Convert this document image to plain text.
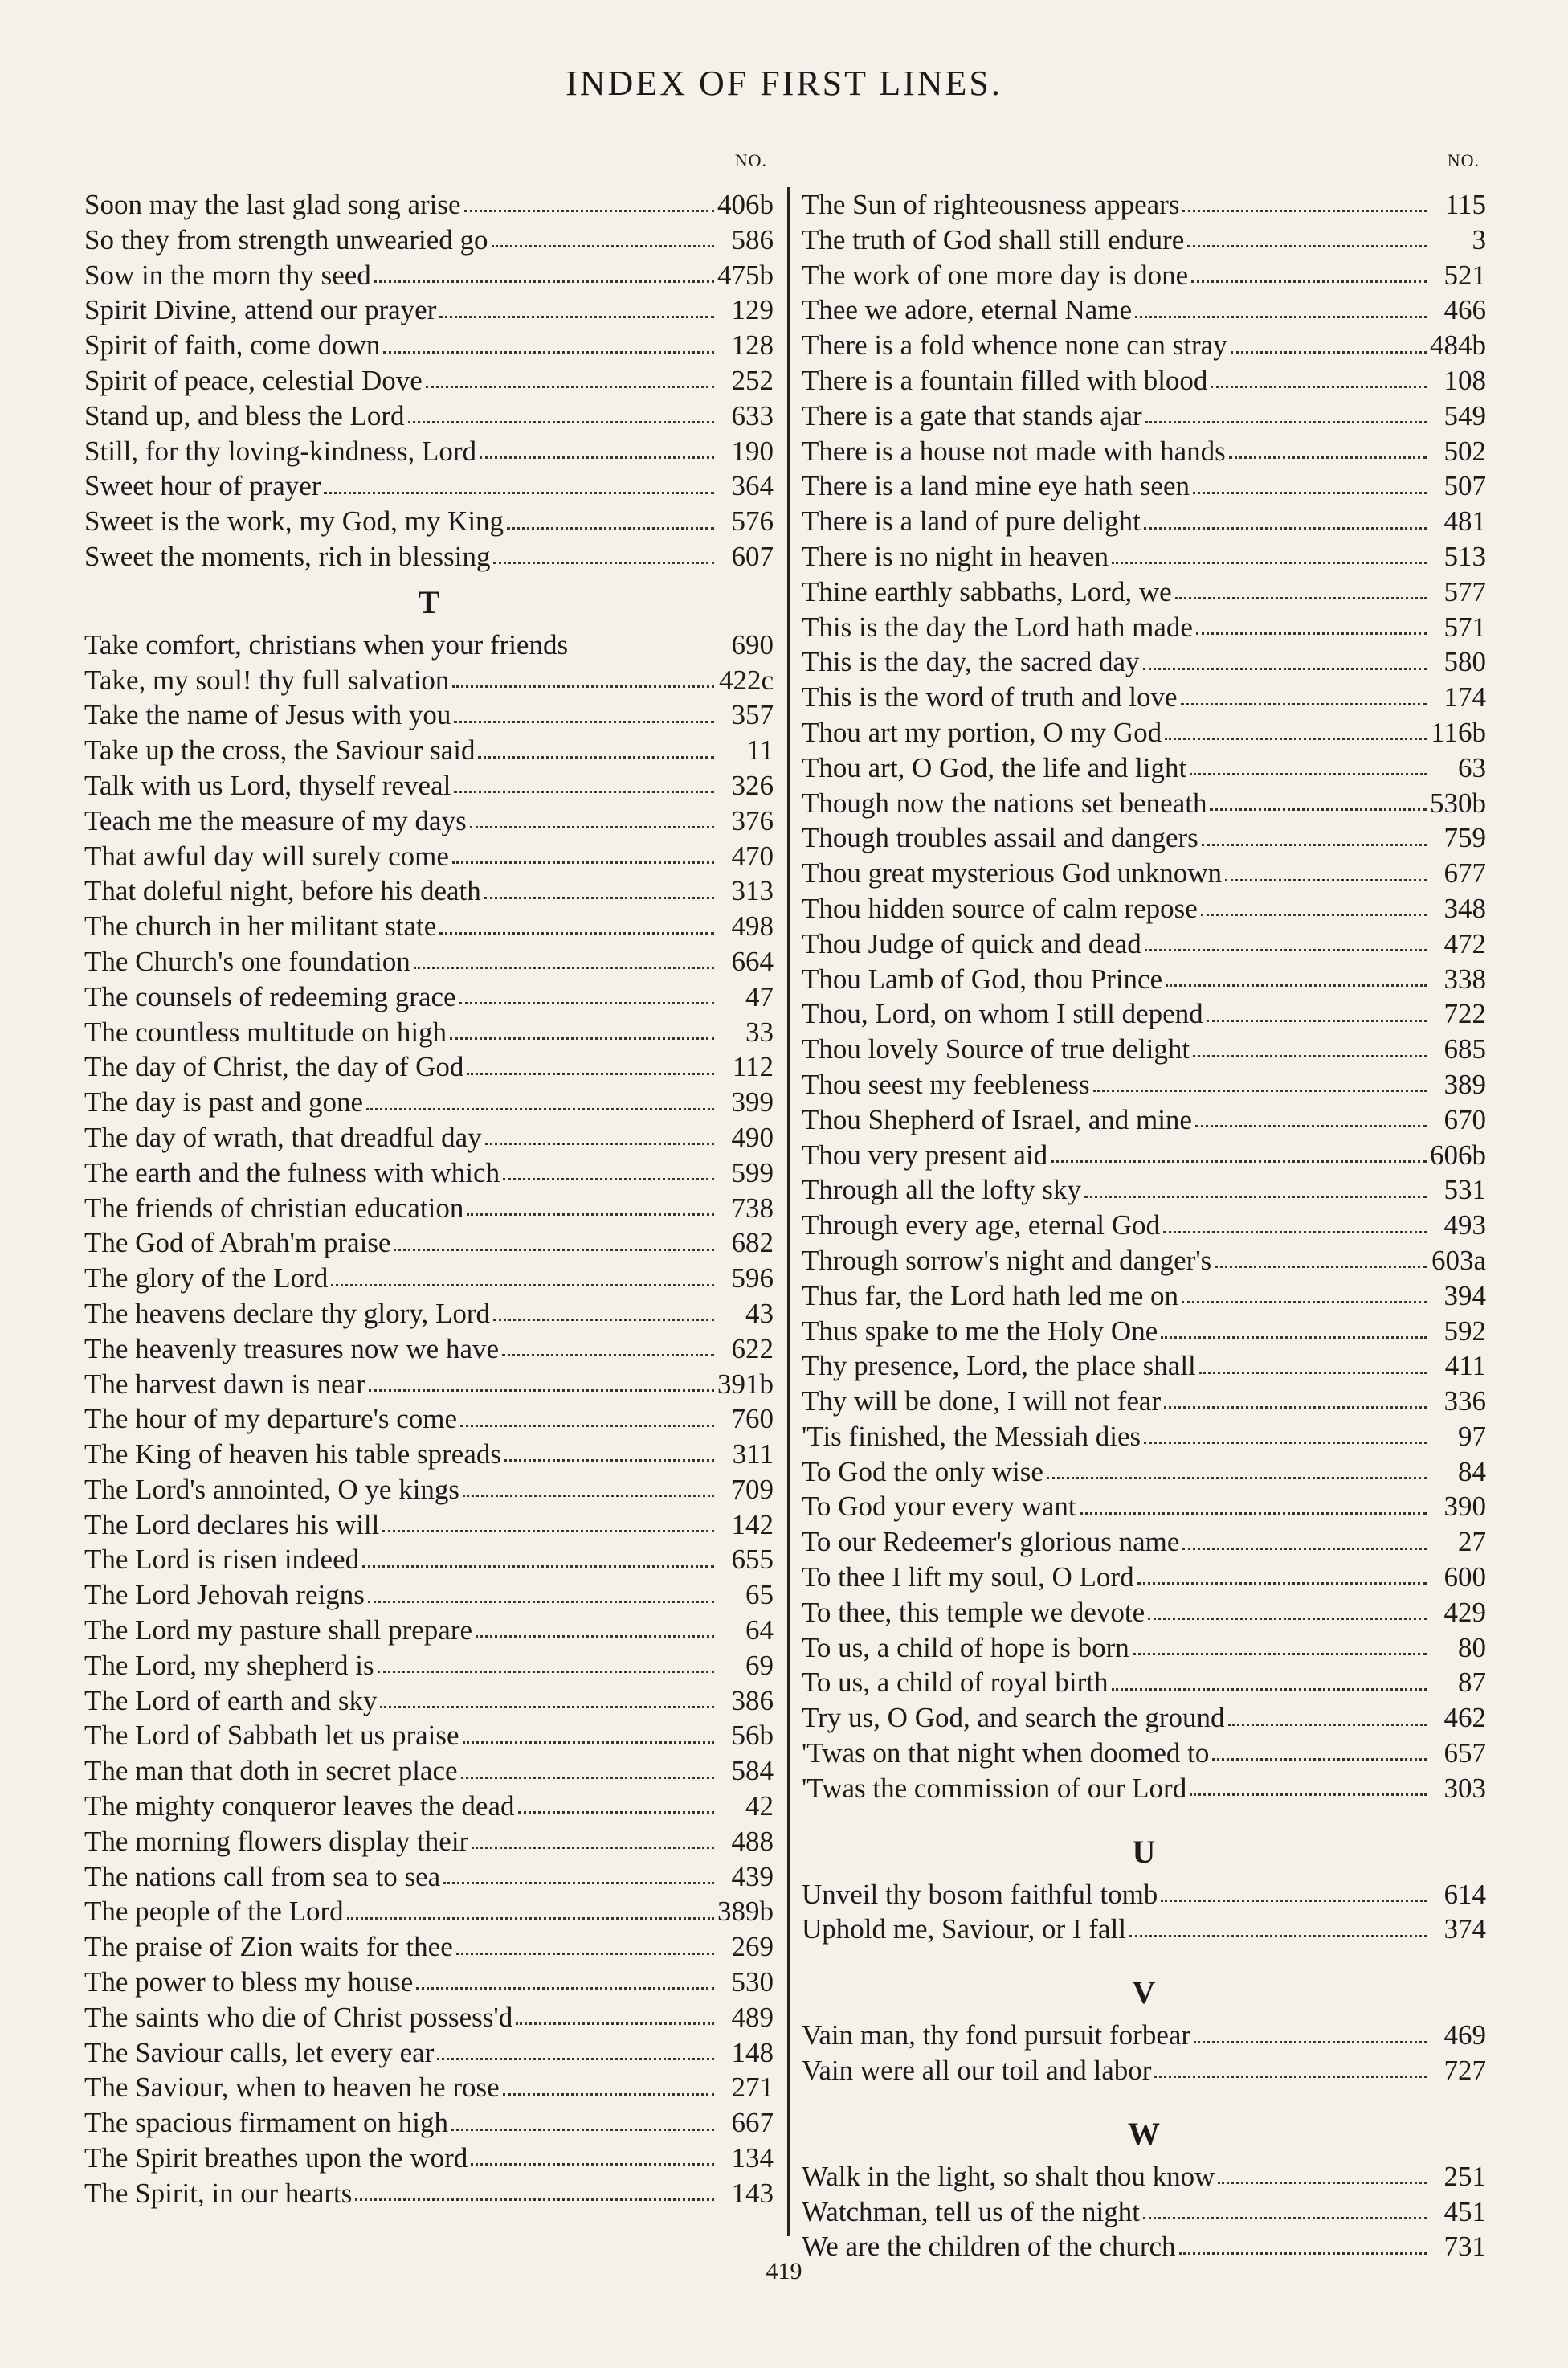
INDEX OF FIRST LINES.
NO.
Soon may the last glad song arise	406b
So they from strength unwearied go	586
Sow in the morn thy seed	475b
Spirit Divine, attend our prayer	129
Spirit of faith, come down	128
Spirit of peace, celestial Dove	252
Stand up, and bless the Lord	633
Still, for thy loving-kindness, Lord	190
Sweet hour of prayer	364
Sweet is the work, my God, my King	576
Sweet the moments, rich in blessing	607
T
Take comfort, christians when your friends	690
Take, my soul! thy full salvation	422c
Take the name of Jesus with you	357
Take up the cross, the Saviour said	11
Talk with us Lord, thyself reveal	326
Teach me the measure of my days	376
That awful day will surely come	470
That doleful night, before his death	313
The church in her militant state	498
The Church's one foundation	664
The counsels of redeeming grace	47
The countless multitude on high	33
The day of Christ, the day of God	112
The day is past and gone	399
The day of wrath, that dreadful day	490
The earth and the fulness with which	599
The friends of christian education	738
The God of Abrah'm praise	682
The glory of the Lord	596
The heavens declare thy glory, Lord	43
The heavenly treasures now we have	622
The harvest dawn is near	391b
The hour of my departure's come	760
The King of heaven his table spreads	311
The Lord's annointed, O ye kings	709
The Lord declares his will	142
The Lord is risen indeed	655
The Lord Jehovah reigns	65
The Lord my pasture shall prepare	64
The Lord, my shepherd is	69
The Lord of earth and sky	386
The Lord of Sabbath let us praise	56b
The man that doth in secret place	584
The mighty conqueror leaves the dead	42
The morning flowers display their	488
The nations call from sea to sea	439
The people of the Lord	389b
The praise of Zion waits for thee	269
The power to bless my house	530
The saints who die of Christ possess'd	489
The Saviour calls, let every ear	148
The Saviour, when to heaven he rose	271
The spacious firmament on high	667
The Spirit breathes upon the word	134
The Spirit, in our hearts	143
NO.
The Sun of righteousness appears	115
The truth of God shall still endure	3
The work of one more day is done	521
Thee we adore, eternal Name	466
There is a fold whence none can stray	484b
There is a fountain filled with blood	108
There is a gate that stands ajar	549
There is a house not made with hands	502
There is a land mine eye hath seen	507
There is a land of pure delight	481
There is no night in heaven	513
Thine earthly sabbaths, Lord, we	577
This is the day the Lord hath made	571
This is the day, the sacred day	580
This is the word of truth and love	174
Thou art my portion, O my God	116b
Thou art, O God, the life and light	63
Though now the nations set beneath	530b
Though troubles assail and dangers	759
Thou great mysterious God unknown	677
Thou hidden source of calm repose	348
Thou Judge of quick and dead	472
Thou Lamb of God, thou Prince	338
Thou, Lord, on whom I still depend	722
Thou lovely Source of true delight	685
Thou seest my feebleness	389
Thou Shepherd of Israel, and mine	670
Thou very present aid	606b
Through all the lofty sky	531
Through every age, eternal God	493
Through sorrow's night and danger's	603a
Thus far, the Lord hath led me on	394
Thus spake to me the Holy One	592
Thy presence, Lord, the place shall	411
Thy will be done, I will not fear	336
'Tis finished, the Messiah dies	97
To God the only wise	84
To God your every want	390
To our Redeemer's glorious name	27
To thee I lift my soul, O Lord	600
To thee, this temple we devote	429
To us, a child of hope is born	80
To us, a child of royal birth	87
Try us, O God, and search the ground	462
'Twas on that night when doomed to	657
'Twas the commission of our Lord	303
U
Unveil thy bosom faithful tomb	614
Uphold me, Saviour, or I fall	374
V
Vain man, thy fond pursuit forbear	469
Vain were all our toil and labor	727
W
Walk in the light, so shalt thou know	251
Watchman, tell us of the night	451
We are the children of the church	731
419
